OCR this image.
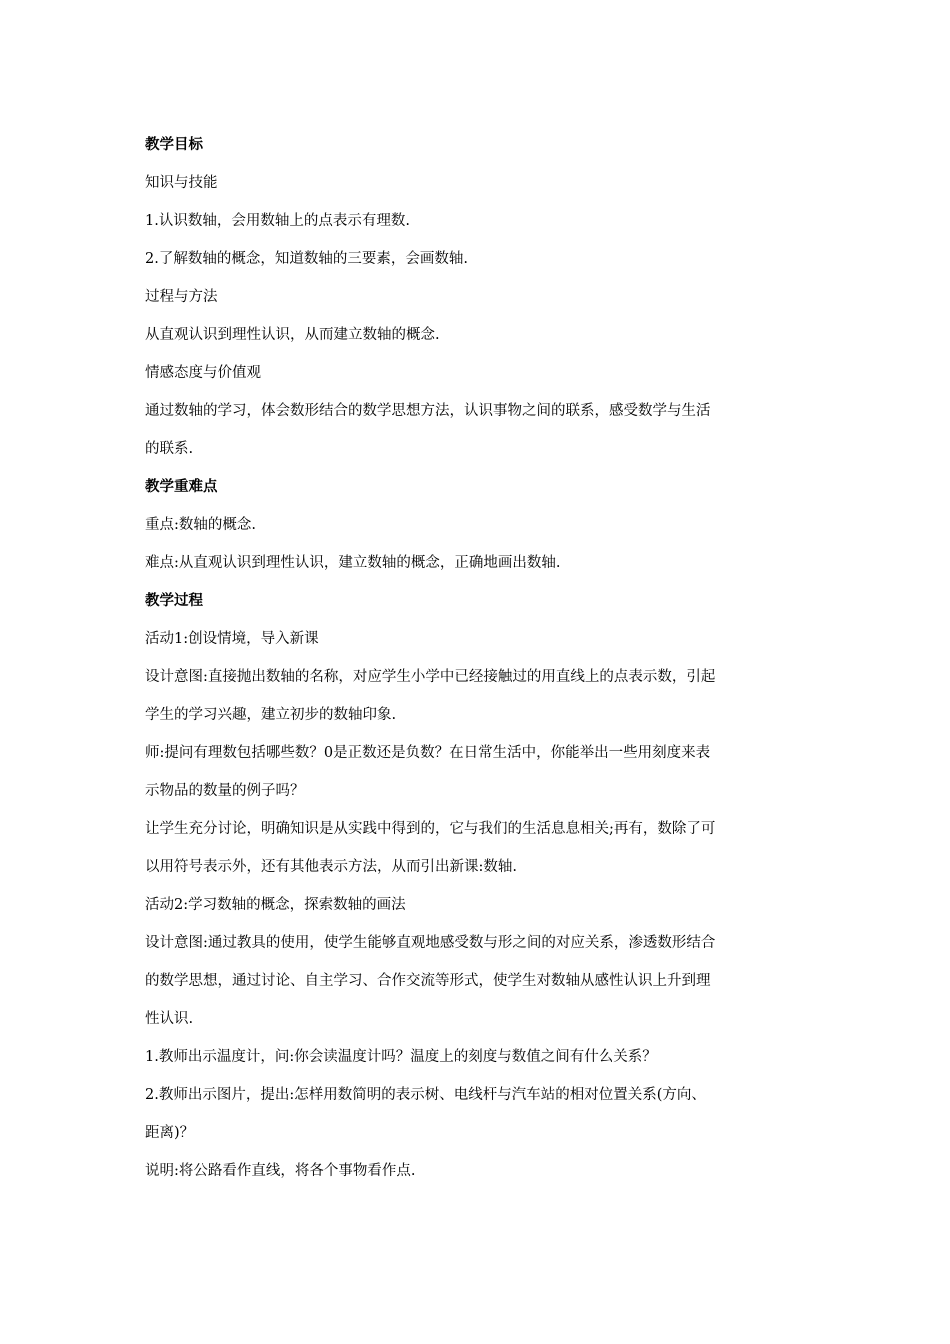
教学目标

知识与技能

1.认识数轴，会用数轴上的点表示有理数.

2.了解数轴的概念，知道数轴的三要素，会画数轴.

过程与方法

从直观认识到理性认识，从而建立数轴的概念.

情感态度与价值观

通过数轴的学习，体会数形结合的数学思想方法，认识事物之间的联系，感受数学与生活

的联系.

教学重难点

重点:数轴的概念.

难点:从直观认识到理性认识，建立数轴的概念，正确地画出数轴.

教学过程

活动1:创设情境，导入新课

设计意图:直接抛出数轴的名称，对应学生小学中已经接触过的用直线上的点表示数，引起

学生的学习兴趣，建立初步的数轴印象.

师:提问有理数包括哪些数？0是正数还是负数？在日常生活中，你能举出一些用刻度来表

示物品的数量的例子吗？

让学生充分讨论，明确知识是从实践中得到的，它与我们的生活息息相关;再有，数除了可

以用符号表示外，还有其他表示方法，从而引出新课:数轴.

活动2:学习数轴的概念，探索数轴的画法

设计意图:通过教具的使用，使学生能够直观地感受数与形之间的对应关系，渗透数形结合

的数学思想，通过讨论、自主学习、合作交流等形式，使学生对数轴从感性认识上升到理

性认识.

1.教师出示温度计，问:你会读温度计吗？温度上的刻度与数值之间有什么关系？

2.教师出示图片，提出:怎样用数简明的表示树、电线杆与汽车站的相对位置关系(方向、

距离)？

说明:将公路看作直线，将各个事物看作点.
